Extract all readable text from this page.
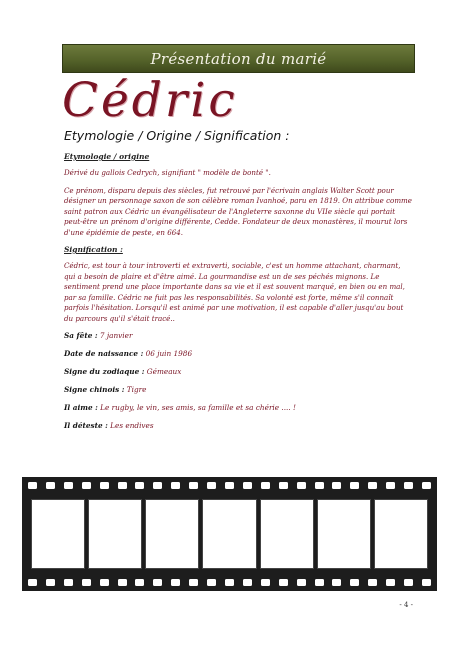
Présentation du marié
Cédric
Etymologie / Origine / Signification :
Etymologie / origine
Dérivé du gallois Cedrych, signifiant " modèle de bonté ".
Ce prénom, disparu depuis des siècles, fut retrouvé par l'écrivain anglais Walter Scott pour désigner un personnage saxon de son célèbre roman Ivanhoé, paru en 1819. On attribue comme saint patron aux Cédric un évangélisateur de l'Angleterre saxonne du VIIe siècle qui portait peut-être un prénom d'origine différente, Cedde. Fondateur de deux monastères, il mourut lors d'une épidémie de peste, en 664.
Signification :
Cédric, est tour à tour introverti et extraverti, sociable, c'est un homme attachant, charmant, qui a besoin de plaire et d'être aimé. La gourmandise est un de ses péchés mignons. Le sentiment prend une place importante dans sa vie et il est souvent marqué, en bien ou en mal, par sa famille. Cédric ne fuit pas les responsabilités. Sa volonté est forte, même s'il connaît parfois l'hésitation. Lorsqu'il est animé par une motivation, il est capable d'aller jusqu'au bout du parcours qu'il s'était tracé..
Sa fête : 7 janvier
Date de naissance : 06 juin 1986
Signe du zodiaque : Gémeaux
Signe chinois : Tigre
Il aime : Le rugby, le vin, ses amis, sa famille et sa chérie .... !
Il déteste : Les endives
- 4 -
